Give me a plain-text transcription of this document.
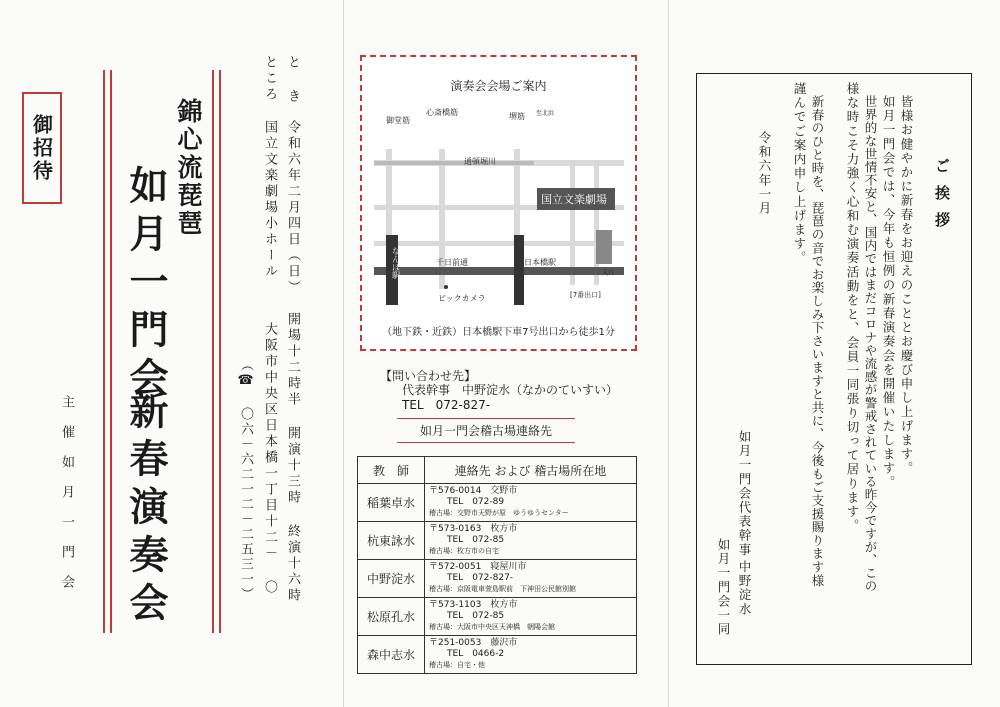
御招待
主催如月一門会
錦心流琵琶
如月一門会
新春演奏会
と き
令和六年二月四日（日）
ところ
国立文楽劇場小ホール
開場十二時半 開演十三時 終演十六時
大阪市中央区日本橋一丁目十二－ 〇
（☎ 〇六－六二一二－二五三一）
演奏会会場ご案内
御堂筋
心斎橋筋	堺筋 至北浜
通頓堀川
国立文楽劇場
千日前通	日本橋駅
入口
ビックカメラ	[7番出口]
なんば駅
（地下鉄・近鉄）日本橋駅下車7号出口から徒歩1分
【問い合わせ先】
代表幹事　中野淀水（なかのていすい）
TEL　072-827-
如月一門会稽古場連絡先
教　師	連絡先 および 稽古場所在地
稲葉卓水	〒576-0014　交野市
TEL　072-89
稽古場：交野市天野が原　ゆうゆうセンター

杭東詠水	〒573-0163　枚方市
TEL　072-85
稽古場：枚方市の自宅

中野淀水	〒572-0051　寝屋川市
TEL　072-827-
稽古場：京阪電車萱島駅前　下神田公民館別館

松原孔水	〒573-1103　枚方市
TEL　072-85
稽古場：大阪市中央区天神橋　朝陽会館

森中志水	〒251-0053　藤沢市
TEL　0466-2
稽古場：自宅・他
ご挨拶
皆様お健やかに新春をお迎えのこととお慶び申し上げます。
如月一門会では、今年も恒例の新春演奏会を開催いたします。
世界的な世情不安と、国内ではまだコロナや流感が警戒されている昨今ですが、この
様な時こそ力強く心和む演奏活動をと、会員一同張り切って居ります。
新春のひと時を、琵琶の音でお楽しみ下さいますと共に、今後もご支援賜ります様
謹んでご案内申し上げます。
令和六年一月
如月一門会代表幹事
中野淀水
如月一門会一同
